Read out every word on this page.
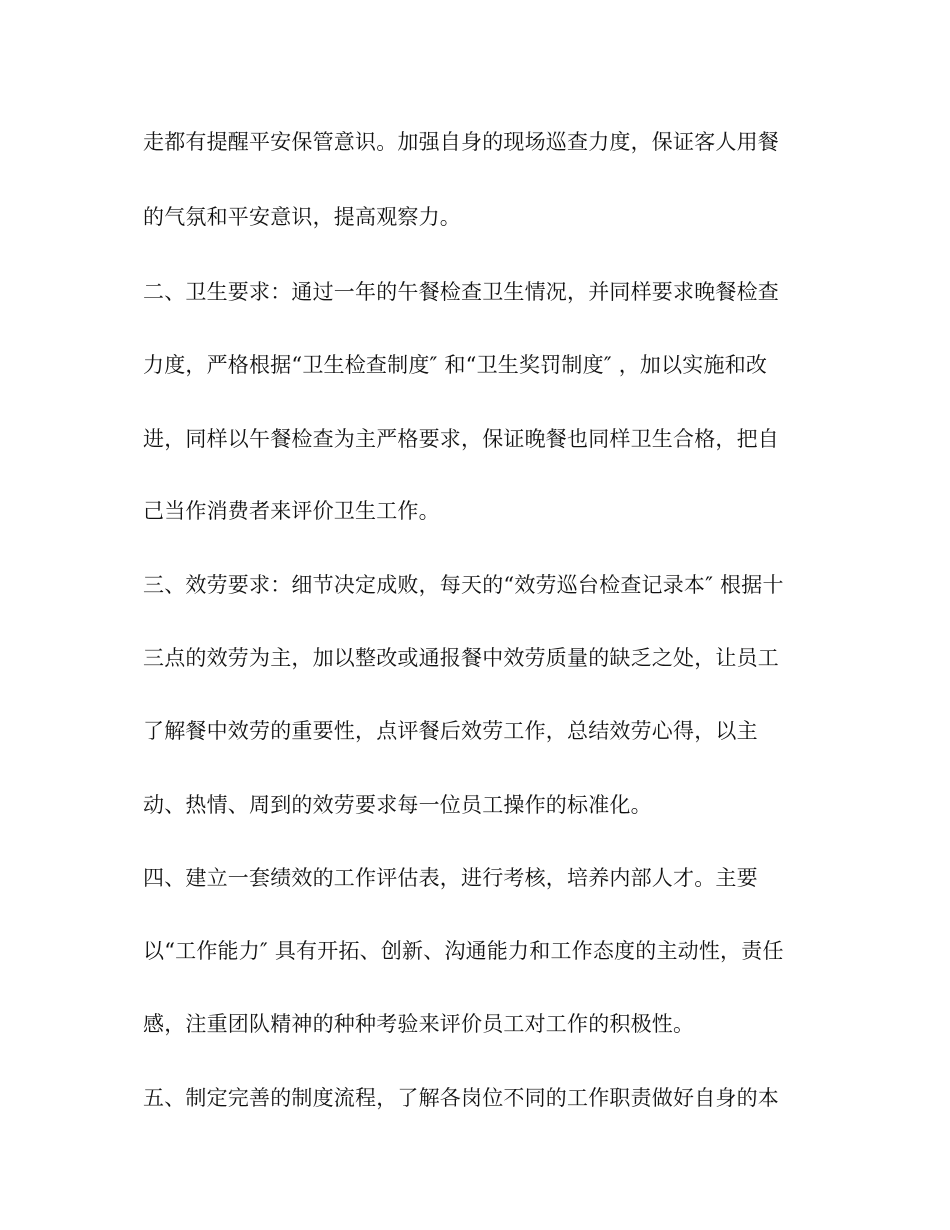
走都有提醒平安保管意识。加强自身的现场巡查力度，保证客人用餐
的气氛和平安意识，提高观察力。
二、卫生要求：通过一年的午餐检查卫生情况，并同样要求晚餐检查
力度，严格根据“卫生检查制度″ 和“卫生奖罚制度″ ，加以实施和改
进，同样以午餐检查为主严格要求，保证晚餐也同样卫生合格，把自
己当作消费者来评价卫生工作。
三、效劳要求：细节决定成败，每天的“效劳巡台检查记录本″ 根据十
三点的效劳为主，加以整改或通报餐中效劳质量的缺乏之处，让员工
了解餐中效劳的重要性，点评餐后效劳工作，总结效劳心得，以主
动、热情、周到的效劳要求每一位员工操作的标准化。
四、建立一套绩效的工作评估表，进行考核，培养内部人才。主要
以“工作能力″ 具有开拓、创新、沟通能力和工作态度的主动性，责任
感，注重团队精神的种种考验来评价员工对工作的积极性。
五、制定完善的制度流程，了解各岗位不同的工作职责做好自身的本
